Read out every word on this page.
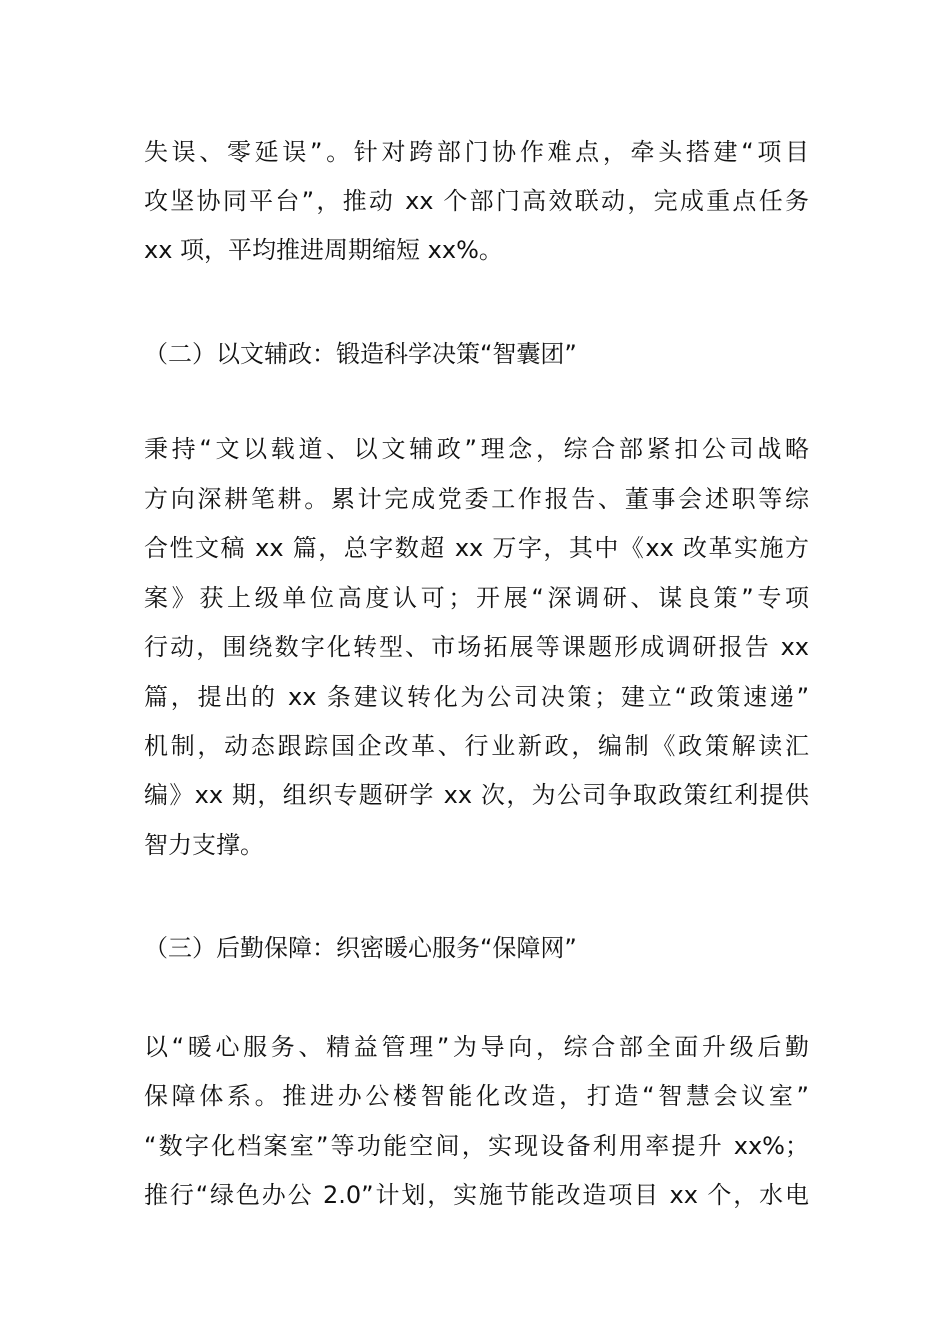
失误、零延误”。针对跨部门协作难点，牵头搭建“项目
攻坚协同平台”，推动 xx 个部门高效联动，完成重点任务
xx 项，平均推进周期缩短 xx%。
（二）以文辅政：锻造科学决策“智囊团”
秉持“文以载道、以文辅政”理念，综合部紧扣公司战略
方向深耕笔耕。累计完成党委工作报告、董事会述职等综
合性文稿 xx 篇，总字数超 xx 万字，其中《xx 改革实施方
案》获上级单位高度认可；开展“深调研、谋良策”专项
行动，围绕数字化转型、市场拓展等课题形成调研报告 xx
篇，提出的 xx 条建议转化为公司决策；建立“政策速递”
机制，动态跟踪国企改革、行业新政，编制《政策解读汇
编》xx 期，组织专题研学 xx 次，为公司争取政策红利提供
智力支撑。
（三）后勤保障：织密暖心服务“保障网”
以“暖心服务、精益管理”为导向，综合部全面升级后勤
保障体系。推进办公楼智能化改造，打造“智慧会议室”
“数字化档案室”等功能空间，实现设备利用率提升 xx%；
推行“绿色办公 2.0”计划，实施节能改造项目 xx 个，水电
